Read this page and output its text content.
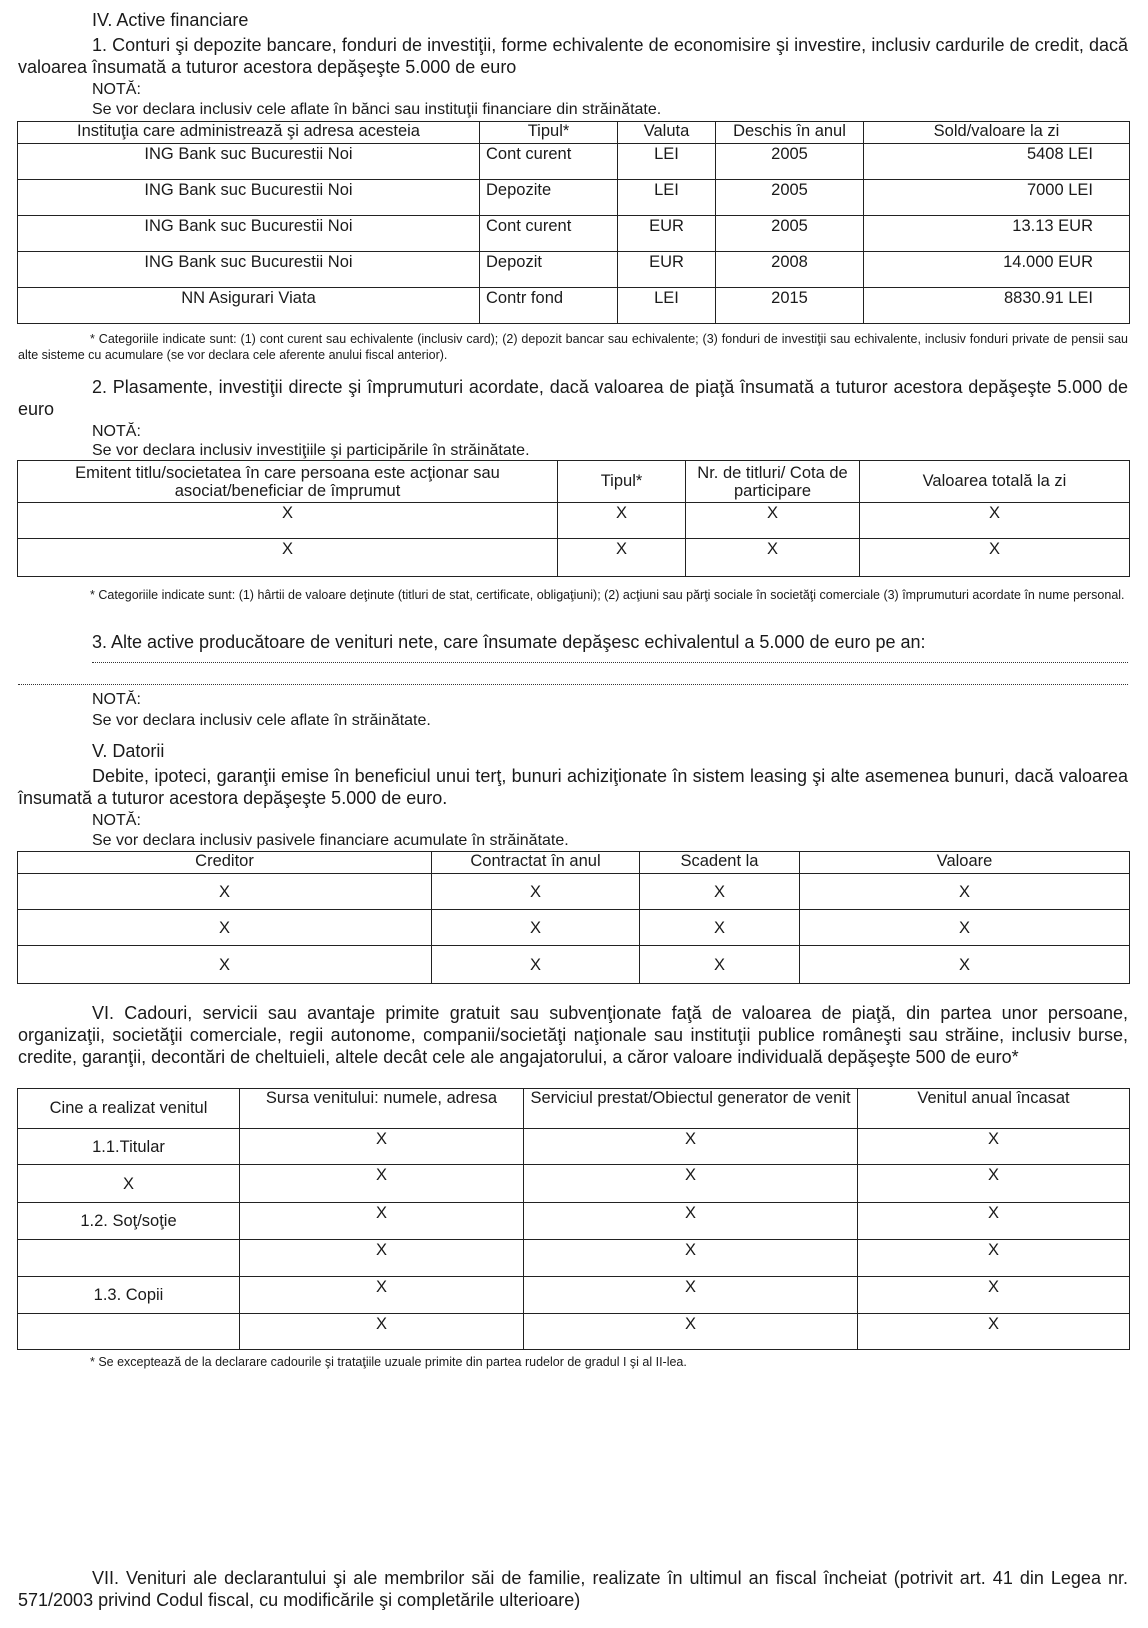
IV. Active financiare
1. Conturi şi depozite bancare, fonduri de investiţii, forme echivalente de economisire şi investire, inclusiv cardurile de credit, dacă valoarea însumată a tuturor acestora depăşeşte 5.000 de euro
NOTĂ:
Se vor declara inclusiv cele aflate în bănci sau instituţii financiare din străinătate.
Instituţia care administrează şi adresa acesteia	Tipul*	Valuta	Deschis în anul	Sold/valoare la zi
ING Bank suc Bucurestii Noi	Cont curent	LEI	2005	5408 LEI
ING Bank suc Bucurestii Noi	Depozite	LEI	2005	7000 LEI
ING Bank suc Bucurestii Noi	Cont curent	EUR	2005	13.13 EUR
ING Bank suc Bucurestii Noi	Depozit	EUR	2008	14.000 EUR
NN Asigurari Viata	Contr fond	LEI	2015	8830.91 LEI
* Categoriile indicate sunt: (1) cont curent sau echivalente (inclusiv card); (2) depozit bancar sau echivalente; (3) fonduri de investiţii sau echivalente, inclusiv fonduri private de pensii sau alte sisteme cu acumulare (se vor declara cele aferente anului fiscal anterior).
2. Plasamente, investiţii directe şi împrumuturi acordate, dacă valoarea de piaţă însumată a tuturor acestora depăşeşte 5.000 de euro
NOTĂ:
Se vor declara inclusiv investiţiile şi participările în străinătate.
Emitent titlu/societatea în care persoana este acţionar sau asociat/beneficiar de împrumut	Tipul*	Nr. de titluri/ Cota de participare	Valoarea totală la zi
X	X	X	X
X	X	X	X
* Categoriile indicate sunt: (1) hârtii de valoare deţinute (titluri de stat, certificate, obligaţiuni); (2) acţiuni sau părţi sociale în societăţi comerciale (3) împrumuturi acordate în nume personal.
3. Alte active producătoare de venituri nete, care însumate depăşesc echivalentul a 5.000 de euro pe an:
NOTĂ:
Se vor declara inclusiv cele aflate în străinătate.
V. Datorii
Debite, ipoteci, garanţii emise în beneficiul unui terţ, bunuri achiziţionate în sistem leasing şi alte asemenea bunuri, dacă valoarea însumată a tuturor acestora depăşeşte 5.000 de euro.
NOTĂ:
Se vor declara inclusiv pasivele financiare acumulate în străinătate.
Creditor	Contractat în anul	Scadent la	Valoare
X	X	X	X
X	X	X	X
X	X	X	X
VI. Cadouri, servicii sau avantaje primite gratuit sau subvenţionate faţă de valoarea de piaţă, din partea unor persoane, organizaţii, societăţii comerciale, regii autonome, companii/societăţi naţionale sau instituţii publice româneşti sau străine, inclusiv burse, credite, garanţii, decontări de cheltuieli, altele decât cele ale angajatorului, a căror valoare individuală depăşeşte 500 de euro*
Cine a realizat venitul	Sursa venitului: numele, adresa	Serviciul prestat/Obiectul generator de venit	Venitul anual încasat
1.1.Titular	X	X	X
X	X	X	X
1.2. Soţ/soţie	X	X	X
	X	X	X
1.3. Copii	X	X	X
	X	X	X
* Se exceptează de la declarare cadourile şi trataţiile uzuale primite din partea rudelor de gradul I şi al II-lea.
VII. Venituri ale declarantului şi ale membrilor săi de familie, realizate în ultimul an fiscal încheiat (potrivit art. 41 din Legea nr. 571/2003 privind Codul fiscal, cu modificările şi completările ulterioare)
